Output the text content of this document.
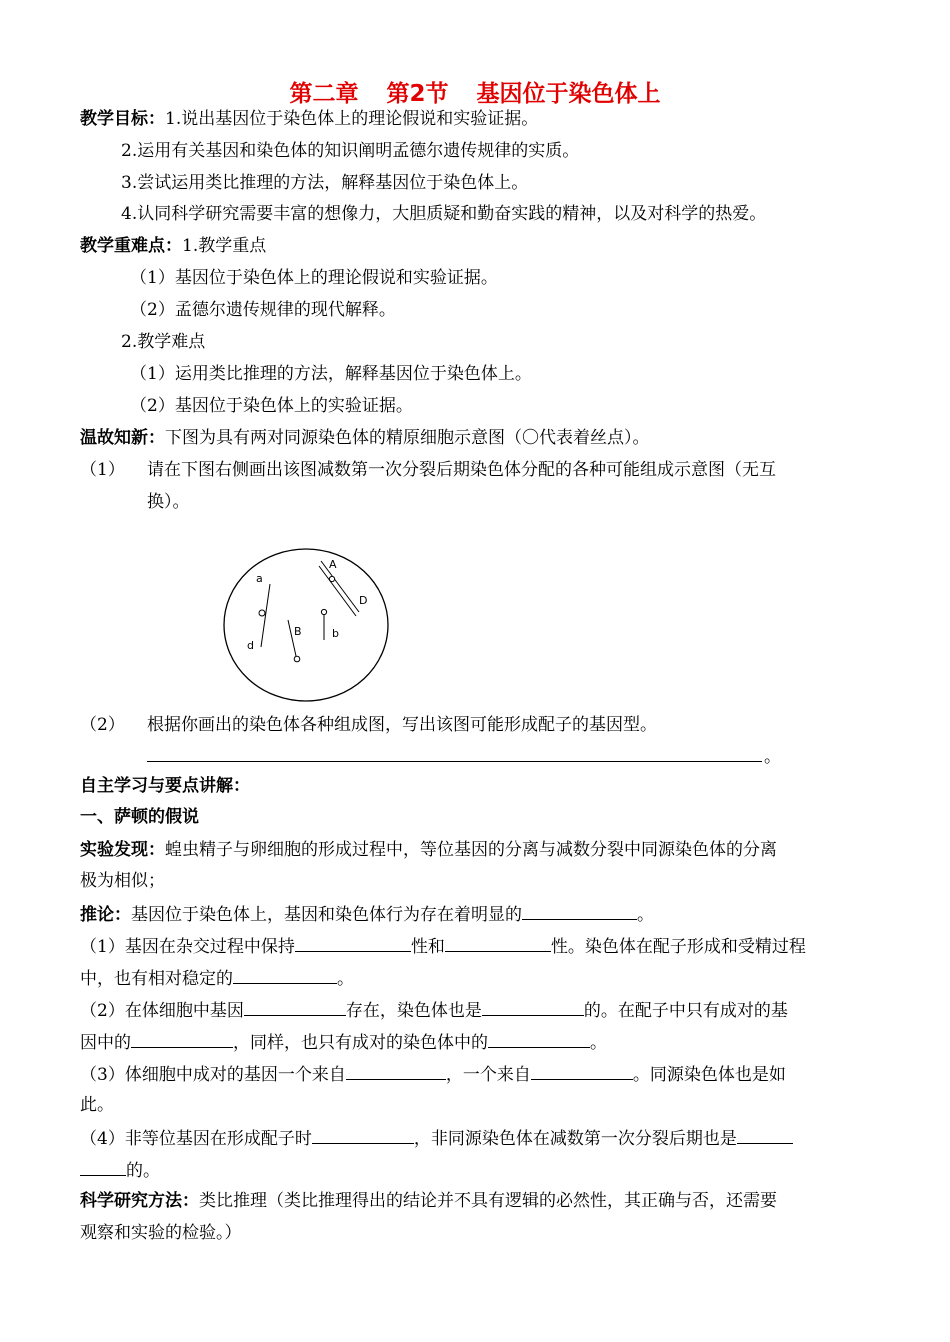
第二章 第2节 基因位于染色体上
教学目标：1.说出基因位于染色体上的理论假说和实验证据。
2.运用有关基因和染色体的知识阐明孟德尔遗传规律的实质。
3.尝试运用类比推理的方法，解释基因位于染色体上。
4.认同科学研究需要丰富的想像力，大胆质疑和勤奋实践的精神，以及对科学的热爱。
教学重难点：1.教学重点
（1）基因位于染色体上的理论假说和实验证据。
（2）孟德尔遗传规律的现代解释。
2.教学难点
（1）运用类比推理的方法，解释基因位于染色体上。
（2）基因位于染色体上的实验证据。
温故知新：下图为具有两对同源染色体的精原细胞示意图（〇代表着丝点）。
（1） 请在下图右侧画出该图减数第一次分裂后期染色体分配的各种可能组成示意图（无互
换）。
a
A
D
d
B	b
（2） 根据你画出的染色体各种组成图，写出该图可能形成配子的基因型。
。
自主学习与要点讲解：
一、萨顿的假说
实验发现：蝗虫精子与卵细胞的形成过程中，等位基因的分离与减数分裂中同源染色体的分离
极为相似；
推论：基因位于染色体上，基因和染色体行为存在着明显的	。
（1）基因在杂交过程中保持	性和	性。染色体在配子形成和受精过程
中，也有相对稳定的	。
（2）在体细胞中基因	存在，染色体也是	的。在配子中只有成对的基
因中的	，同样，也只有成对的染色体中的	。
（3）体细胞中成对的基因一个来自	，一个来自	。同源染色体也是如
此。
（4）非等位基因在形成配子时	，非同源染色体在减数第一次分裂后期也是
的。
科学研究方法：类比推理（类比推理得出的结论并不具有逻辑的必然性，其正确与否，还需要
观察和实验的检验。）
